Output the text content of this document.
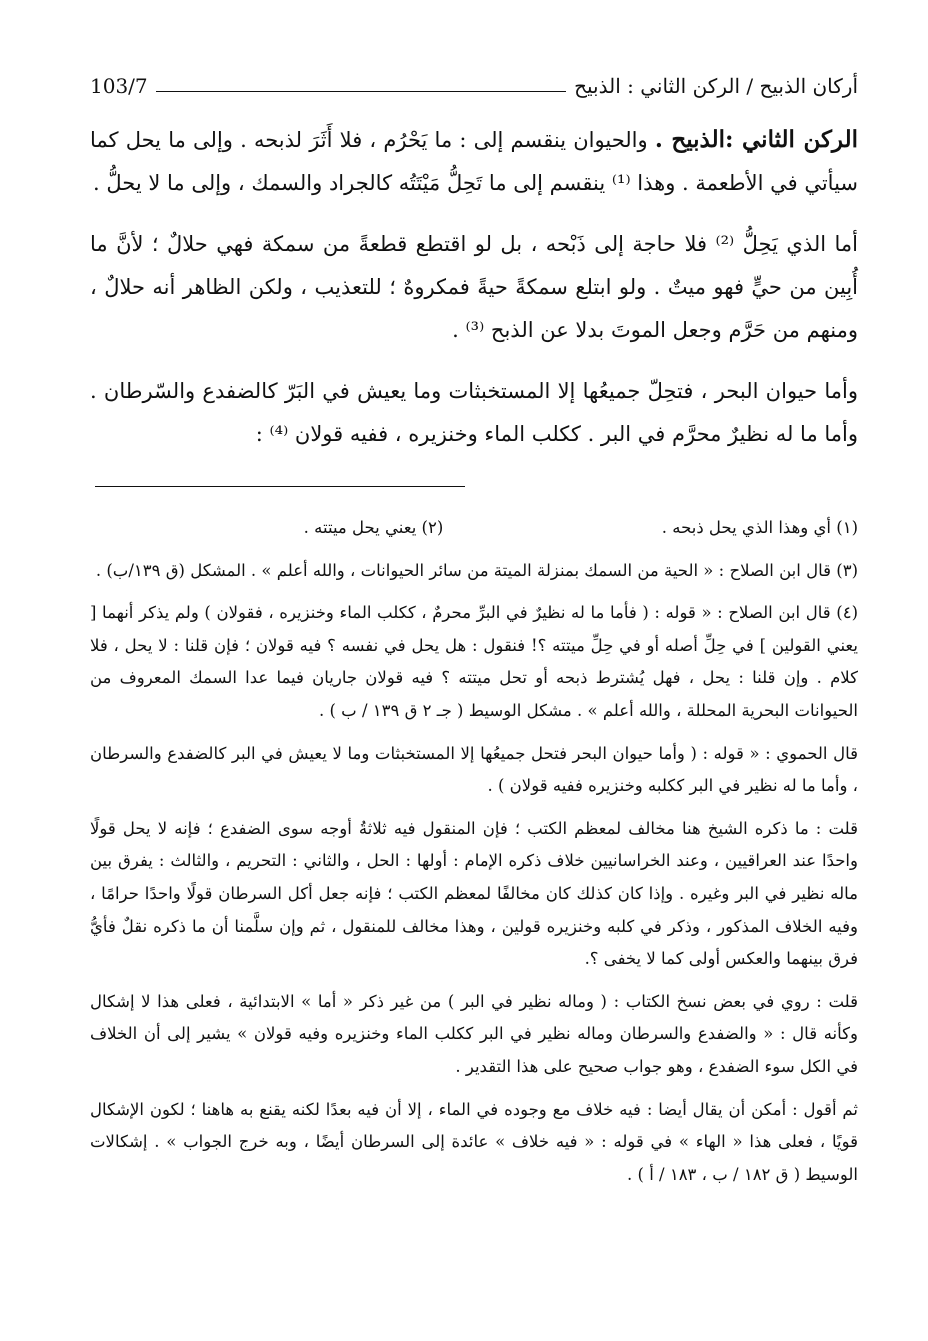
أركان الذبيح / الركن الثاني : الذبيح
103/7

الركن الثاني :الذبيح . والحيوان ينقسم إلى : ما يَحْرُم ، فلا أَثَرَ لذبحه . وإلى ما يحل كما سيأتي في الأطعمة . وهذا ⁽¹⁾ ينقسم إلى ما تَحِلُّ مَيْتَتُه كالجراد والسمك ، وإلى ما لا يحلُّ .

أما الذي يَحِلُّ ⁽²⁾ فلا حاجة إلى ذَبْحه ، بل لو اقتطع قطعةً من سمكة فهي حلالٌ ؛ لأنَّ ما أُبِين من حيٍّ فهو ميتٌ . ولو ابتلع سمكةً حيةً فمكروهٌ ؛ للتعذيب ، ولكن الظاهر أنه حلالٌ ، ومنهم من حَرَّم وجعل الموتَ بدلا عن الذبح ⁽³⁾ .

وأما حيوان البحر ، فتحِلّ جميعُها إلا المستخبثات وما يعيش في البَرّ كالضفدع والسّرطان . وأما ما له نظيرٌ محرَّم في البر . ككلب الماء وخنزيره ، ففيه قولان ⁽⁴⁾ :

(١) أي وهذا الذي يحل ذبحه .
(٢) يعني يحل ميتته .

(٣) قال ابن الصلاح : « الحية من السمك بمنزلة الميتة من سائر الحيوانات ، والله أعلم » . المشكل (ق ١٣٩/ب) .

(٤) قال ابن الصلاح : « قوله : ( فأما ما له نظيرٌ في البرِّ محرمٌ ، ككلب الماء وخنزيره ، فقولان ) ولم يذكر أنهما [ يعني القولين ] في حِلِّ أصله أو في حِلِّ ميتته ؟! فنقول : هل يحل في نفسه ؟ فيه قولان ؛ فإن قلنا : لا يحل ، فلا كلام . وإن قلنا : يحل ، فهل يُشترط ذبحه أو تحل ميتته ؟ فيه قولان جاريان فيما عدا السمك المعروف من الحيوانات البحرية المحللة ، والله أعلم » . مشكل الوسيط ( جـ ٢ ق ١٣٩ / ب ) .

قال الحموي : « قوله : ( وأما حيوان البحر فتحل جميعُها إلا المستخبثات وما لا يعيش في البر كالضفدع والسرطان ، وأما ما له نظير في البر ككلبه وخنزيره ففيه قولان ) .

قلت : ما ذكره الشيخ هنا مخالف لمعظم الكتب ؛ فإن المنقول فيه ثلاثةُ أوجه سوى الضفدع ؛ فإنه لا يحل قولًا واحدًا عند العراقيين ، وعند الخراسانيين خلاف ذكره الإمام : أولها : الحل ، والثاني : التحريم ، والثالث : يفرق بين ماله نظير في البر وغيره . وإذا كان كذلك كان مخالفًا لمعظم الكتب ؛ فإنه جعل أكل السرطان قولًا واحدًا حرامًا ، وفيه الخلاف المذكور ، وذكر في كلبه وخنزيره قولين ، وهذا مخالف للمنقول ، ثم وإن سلَّمنا أن ما ذكره نقلٌ فأيُّ فرق بينهما والعكس أولى كما لا يخفى ؟.

قلت : روي في بعض نسخ الكتاب : ( وماله نظير في البر ) من غير ذكر « أما » الابتدائية ، فعلى هذا لا إشكال وكأنه قال : « والضفدع والسرطان وماله نظير في البر ككلب الماء وخنزيره وفيه قولان » يشير إلى أن الخلاف في الكل سوء الضفدع ، وهو جواب صحيح على هذا التقدير .

ثم أقول : أمكن أن يقال أيضا : فيه خلاف مع وجوده في الماء ، إلا أن فيه بعدًا لكنه يقنع به هاهنا ؛ لكون الإشكال قويًا ، فعلى هذا « الهاء » في قوله : « فيه خلاف » عائدة إلى السرطان أيضًا ، وبه خرج الجواب » . إشكالات الوسيط ( ق ١٨٢ / ب ، ١٨٣ / أ ) .
